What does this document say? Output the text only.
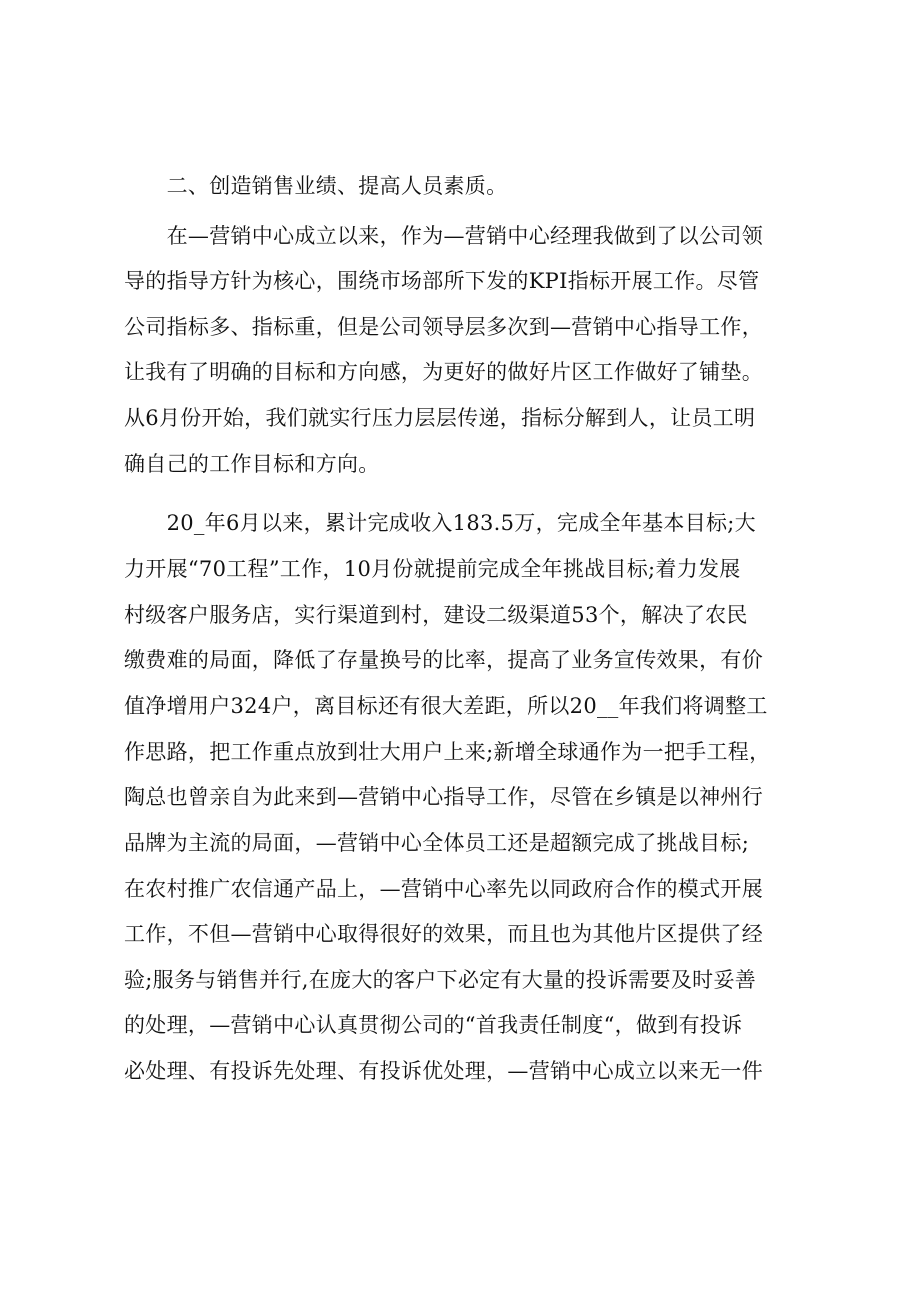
　　二、创造销售业绩、提高人员素质。
　　在—营销中心成立以来，作为—营销中心经理我做到了以公司领
导的指导方针为核心，围绕市场部所下发的KPI指标开展工作。尽管
公司指标多、指标重，但是公司领导层多次到—营销中心指导工作，
让我有了明确的目标和方向感，为更好的做好片区工作做好了铺垫。
从6月份开始，我们就实行压力层层传递，指标分解到人，让员工明
确自己的工作目标和方向。
　　20_年6月以来，累计完成收入183.5万，完成全年基本目标;大
力开展“70工程”工作，10月份就提前完成全年挑战目标;着力发展
村级客户服务店，实行渠道到村，建设二级渠道53个，解决了农民
缴费难的局面，降低了存量换号的比率，提高了业务宣传效果，有价
值净增用户324户，离目标还有很大差距，所以20__年我们将调整工
作思路，把工作重点放到壮大用户上来;新增全球通作为一把手工程，
陶总也曾亲自为此来到—营销中心指导工作，尽管在乡镇是以神州行
品牌为主流的局面，—营销中心全体员工还是超额完成了挑战目标;
在农村推广农信通产品上，—营销中心率先以同政府合作的模式开展
工作，不但—营销中心取得很好的效果，而且也为其他片区提供了经
验;服务与销售并行,在庞大的客户下必定有大量的投诉需要及时妥善
的处理，—营销中心认真贯彻公司的“首我责任制度“，做到有投诉
必处理、有投诉先处理、有投诉优处理，—营销中心成立以来无一件
